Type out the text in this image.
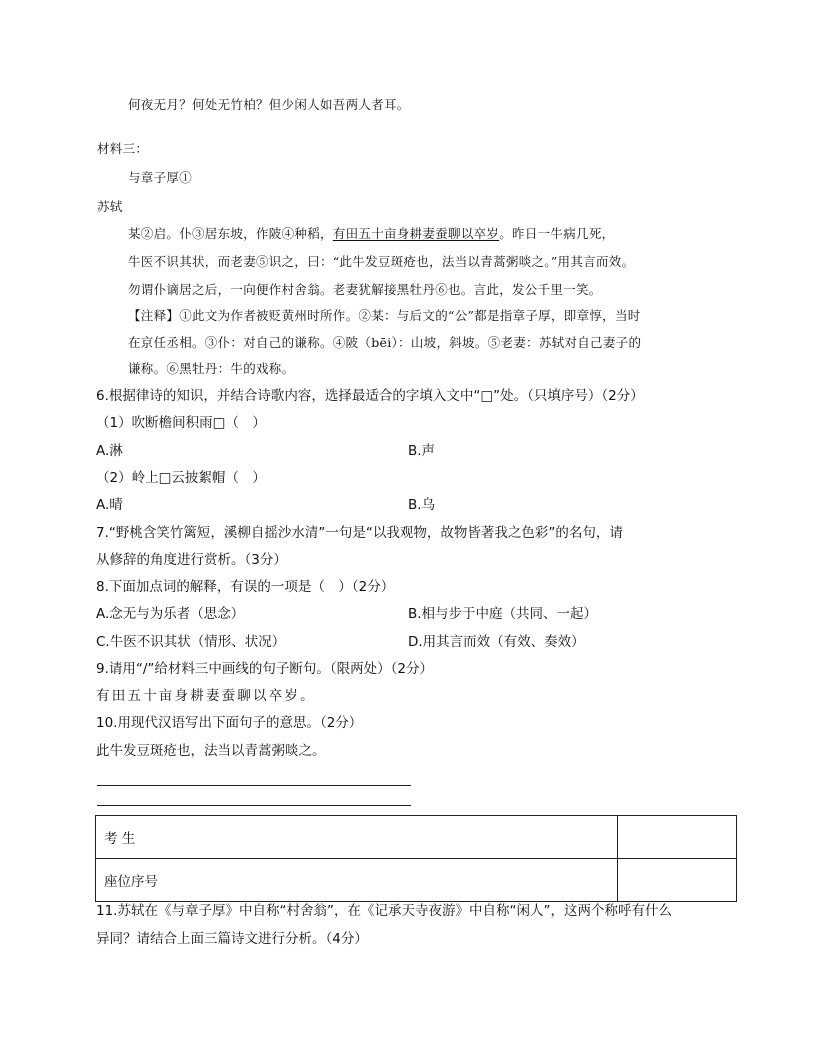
何夜无月？何处无竹柏？但少闲人如吾两人者耳。
材料三：
与章子厚①
苏轼
某②启。仆③居东坡，作陂④种稻，有田五十亩身耕妻蚕聊以卒岁。昨日一牛病几死，
牛医不识其状，而老妻⑤识之，曰：“此牛发豆斑疮也，法当以青蒿粥啖之。”用其言而效。
勿谓仆谪居之后，一向便作村舍翁。老妻犹解接黑牡丹⑥也。言此，发公千里一笑。
【注释】①此文为作者被贬黄州时所作。②某：与后文的“公”都是指章子厚，即章惇，当时
在京任丞相。③仆：对自己的谦称。④陂（bēi）：山坡，斜坡。⑤老妻：苏轼对自己妻子的
谦称。⑥黑牡丹：牛的戏称。
6.根据律诗的知识，并结合诗歌内容，选择最适合的字填入文中“□”处。（只填序号）（2分）
（1）吹断檐间积雨□（　）
A.淋	B.声
（2）岭上□云披絮帽（　）
A.晴	B.乌
7.“野桃含笑竹篱短，溪柳自摇沙水清”一句是“以我观物，故物皆著我之色彩”的名句，请
从修辞的角度进行赏析。（3分）
8.下面加点词的解释，有误的一项是（　）（2分）
A.念无与为乐者（思念）	B.相与步于中庭（共同、一起）
C.牛医不识其状（情形、状况）	D.用其言而效（有效、奏效）
9.请用“/”给材料三中画线的句子断句。（限两处）（2分）
有田五十亩身耕妻蚕聊以卒岁。
10.用现代汉语写出下面句子的意思。（2分）
此牛发豆斑疮也，法当以青蒿粥啖之。
考 生	
座位序号	
11.苏轼在《与章子厚》中自称“村舍翁”，在《记承天寺夜游》中自称“闲人”，这两个称呼有什么
异同？请结合上面三篇诗文进行分析。（4分）
